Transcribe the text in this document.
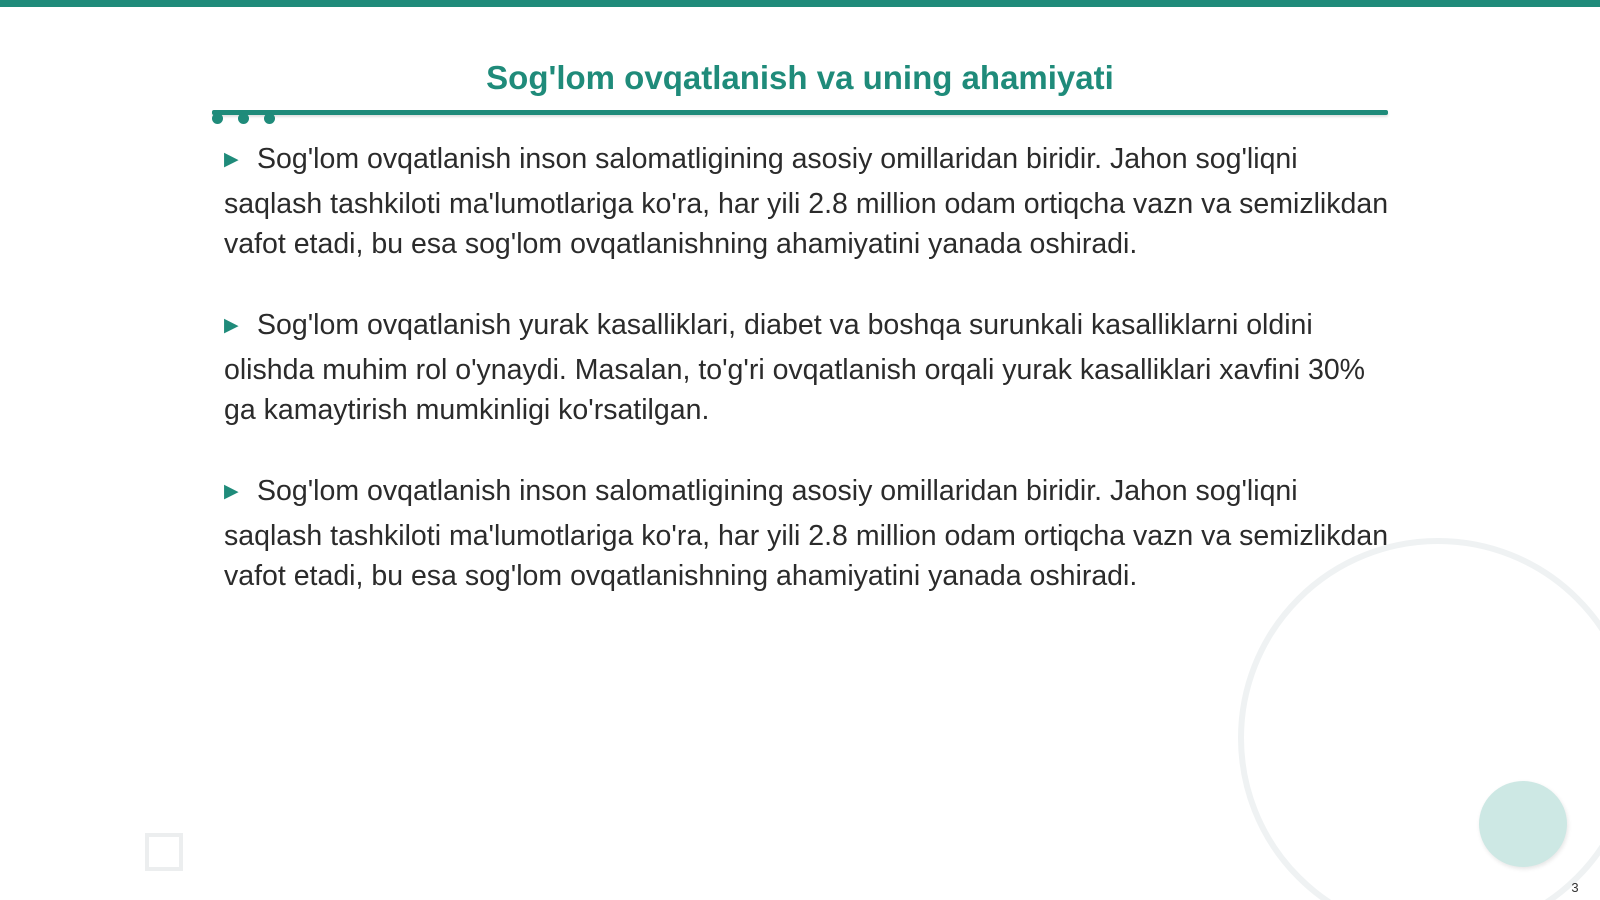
Sog'lom ovqatlanish va uning ahamiyati

▶ Sog'lom ovqatlanish inson salomatligining asosiy omillaridan biridir. Jahon sog'liqni saqlash tashkiloti ma'lumotlariga ko'ra, har yili 2.8 million odam ortiqcha vazn va semizlikdan vafot etadi, bu esa sog'lom ovqatlanishning ahamiyatini yanada oshiradi.

▶ Sog'lom ovqatlanish yurak kasalliklari, diabet va boshqa surunkali kasalliklarni oldini olishda muhim rol o'ynaydi. Masalan, to'g'ri ovqatlanish orqali yurak kasalliklari xavfini 30% ga kamaytirish mumkinligi ko'rsatilgan.

▶ Sog'lom ovqatlanish inson salomatligining asosiy omillaridan biridir. Jahon sog'liqni saqlash tashkiloti ma'lumotlariga ko'ra, har yili 2.8 million odam ortiqcha vazn va semizlikdan vafot etadi, bu esa sog'lom ovqatlanishning ahamiyatini yanada oshiradi.

3
